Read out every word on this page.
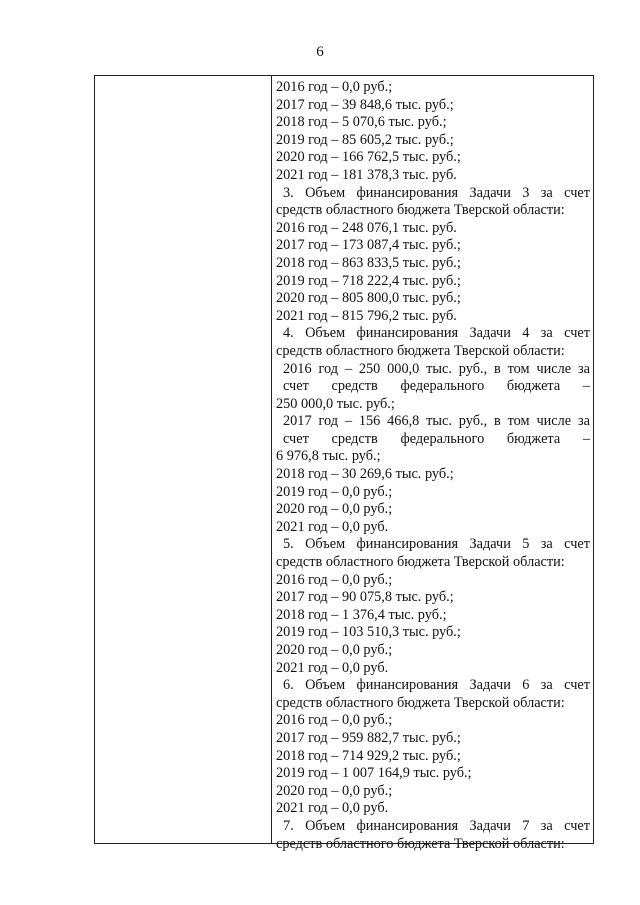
6
2016 год – 0,0 руб.;
2017 год – 39 848,6 тыс. руб.;
2018 год – 5 070,6 тыс. руб.;
2019 год – 85 605,2 тыс. руб.;
2020 год – 166 762,5 тыс. руб.;
2021 год – 181 378,3 тыс. руб.
3. Объем финансирования Задачи 3 за счет
средств областного бюджета Тверской области:
2016 год – 248 076,1 тыс. руб.
2017 год – 173 087,4 тыс. руб.;
2018 год – 863 833,5 тыс. руб.;
2019 год – 718 222,4 тыс. руб.;
2020 год – 805 800,0 тыс. руб.;
2021 год – 815 796,2 тыс. руб.
4. Объем финансирования Задачи 4 за счет
средств областного бюджета Тверской области:
2016 год – 250 000,0 тыс. руб., в том числе за
счет средств федерального бюджета –
250 000,0 тыс. руб.;
2017 год – 156 466,8 тыс. руб., в том числе за
счет средств федерального бюджета –
6 976,8 тыс. руб.;
2018 год – 30 269,6 тыс. руб.;
2019 год – 0,0 руб.;
2020 год – 0,0 руб.;
2021 год – 0,0 руб.
5. Объем финансирования Задачи 5 за счет
средств областного бюджета Тверской области:
2016 год – 0,0 руб.;
2017 год – 90 075,8 тыс. руб.;
2018 год – 1 376,4 тыс. руб.;
2019 год – 103 510,3 тыс. руб.;
2020 год – 0,0 руб.;
2021 год – 0,0 руб.
6. Объем финансирования Задачи 6 за счет
средств областного бюджета Тверской области:
2016 год – 0,0 руб.;
2017 год – 959 882,7 тыс. руб.;
2018 год – 714 929,2 тыс. руб.;
2019 год – 1 007 164,9 тыс. руб.;
2020 год – 0,0 руб.;
2021 год – 0,0 руб.
7. Объем финансирования Задачи 7 за счет
средств областного бюджета Тверской области:
